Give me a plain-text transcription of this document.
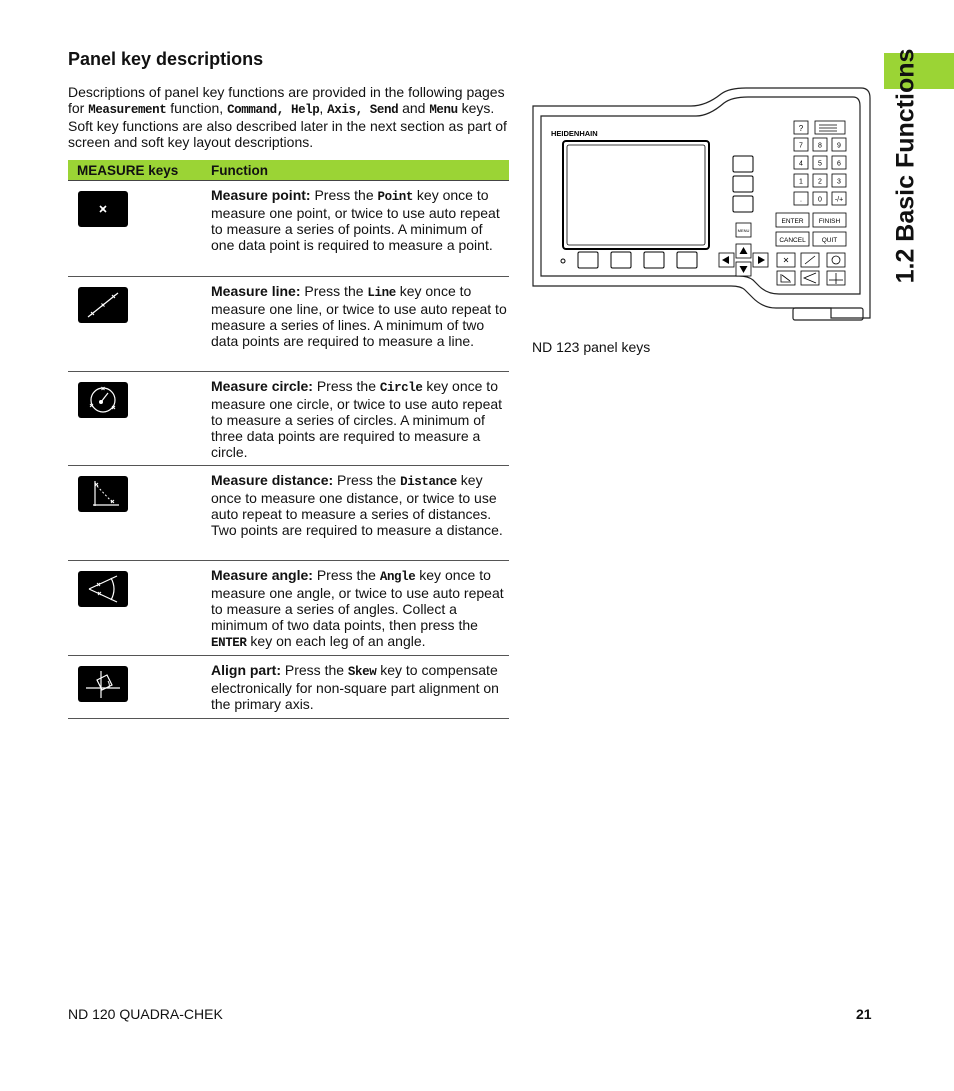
Panel key descriptions
Descriptions of panel key functions are provided in the following pages for Measurement function, Command, Help, Axis, Send and Menu keys. Soft key functions are also described later in the next section as part of screen and soft key layout descriptions.
MEASURE keys	Function
Measure point: Press the Point key once to measure one point, or twice to use auto repeat to measure a series of points. A minimum of one data point is required to measure a point.
Measure line: Press the Line key once to measure one line, or twice to use auto repeat to measure a series of lines. A minimum of two data points are required to measure a line.
Measure circle: Press the Circle key once to measure one circle, or twice to use auto repeat to measure a series of circles. A minimum of three data points are required to measure a circle.
Measure distance: Press the Distance key once to measure one distance, or twice to use auto repeat to measure a series of distances. Two points are required to measure a distance.
Measure angle: Press the Angle key once to measure one angle, or twice to use auto repeat to measure a series of angles. Collect a minimum of two data points, then press the ENTER key on each leg of an angle.
Align part: Press the Skew key to compensate electronically for non-square part alignment on the primary axis.
1.2 Basic Functions
HEIDENHAIN
MENU
?
7 8 9
4 5 6
1 2 3
. 0 -/+
ENTER FINISH
CANCEL QUIT
ND 123 panel keys
ND 120 QUADRA-CHEK	21
